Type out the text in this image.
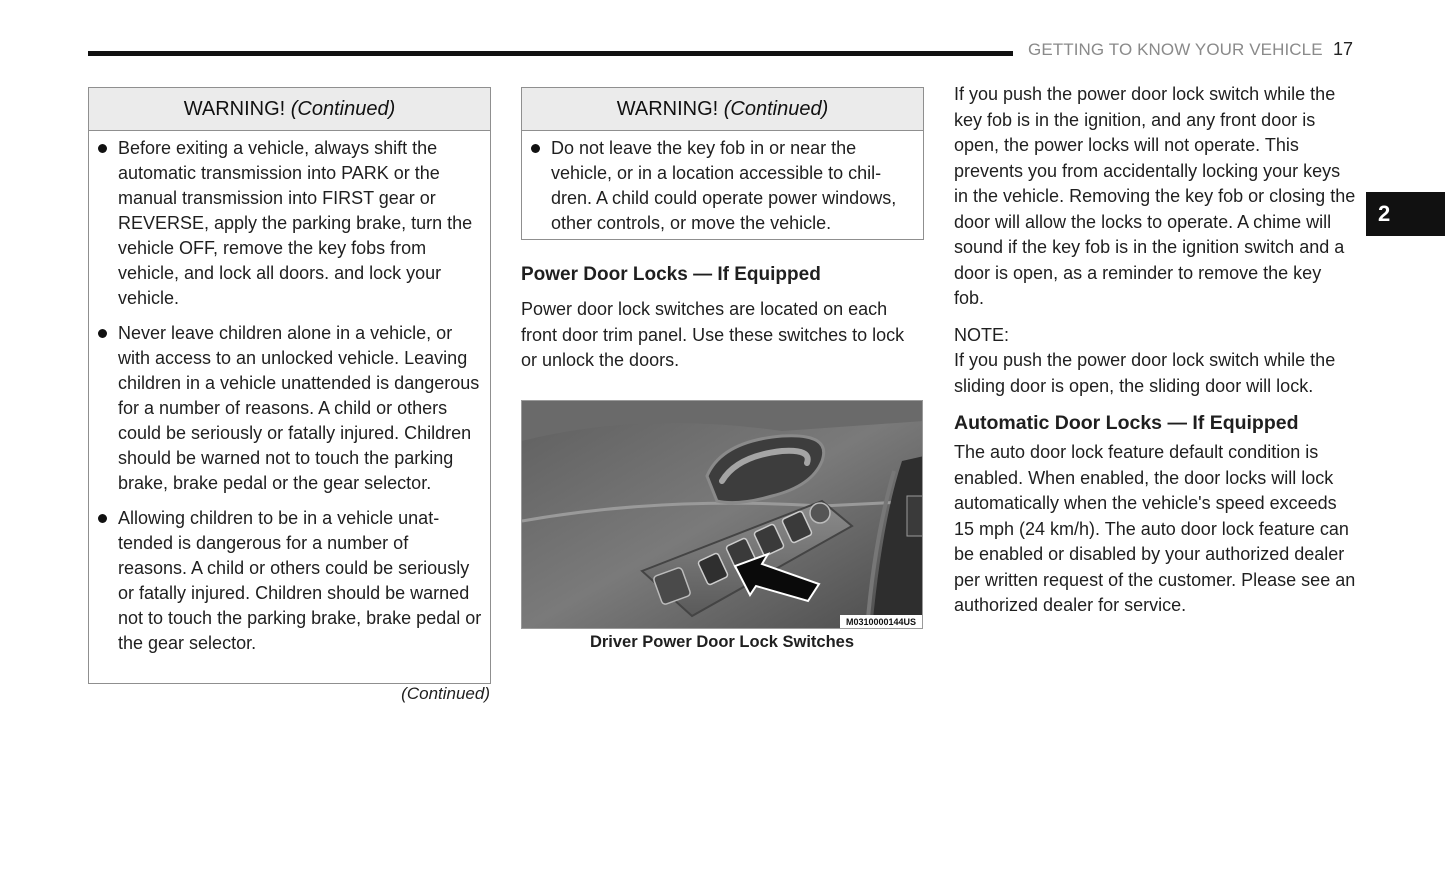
GETTING TO KNOW YOUR VEHICLE 17
2
WARNING! (Continued)
Before exiting a vehicle, always shift the automatic transmission into PARK or the manual transmission into FIRST gear or REVERSE, apply the parking brake, turn the vehicle OFF, remove the key fobs from vehicle, and lock all doors. and lock your vehicle.
Never leave children alone in a vehicle, or with access to an unlocked vehicle. Leaving children in a vehicle unattended is dangerous for a number of reasons. A child or others could be seriously or fatally injured. Children should be warned not to touch the parking brake, brake pedal or the gear selector.
Allowing children to be in a vehicle unat-tended is dangerous for a number of reasons. A child or others could be seriously or fatally injured. Children should be warned not to touch the parking brake, brake pedal or the gear selector.
(Continued)
WARNING! (Continued)
Do not leave the key fob in or near the vehicle, or in a location accessible to chil-dren. A child could operate power windows, other controls, or move the vehicle.
Power Door Locks — If Equipped

Power door lock switches are located on each front door trim panel. Use these switches to lock or unlock the doors.

M0310000144US
Driver Power Door Lock Switches

If you push the power door lock switch while the key fob is in the ignition, and any front door is open, the power locks will not operate. This prevents you from accidentally locking your keys in the vehicle. Removing the key fob or closing the door will allow the locks to operate. A chime will sound if the key fob is in the ignition switch and a door is open, as a reminder to remove the key fob.

NOTE:

If you push the power door lock switch while the sliding door is open, the sliding door will lock.

Automatic Door Locks — If Equipped

The auto door lock feature default condition is enabled. When enabled, the door locks will lock automatically when the vehicle's speed exceeds 15 mph (24 km/h). The auto door lock feature can be enabled or disabled by your authorized dealer per written request of the customer. Please see an authorized dealer for service.
